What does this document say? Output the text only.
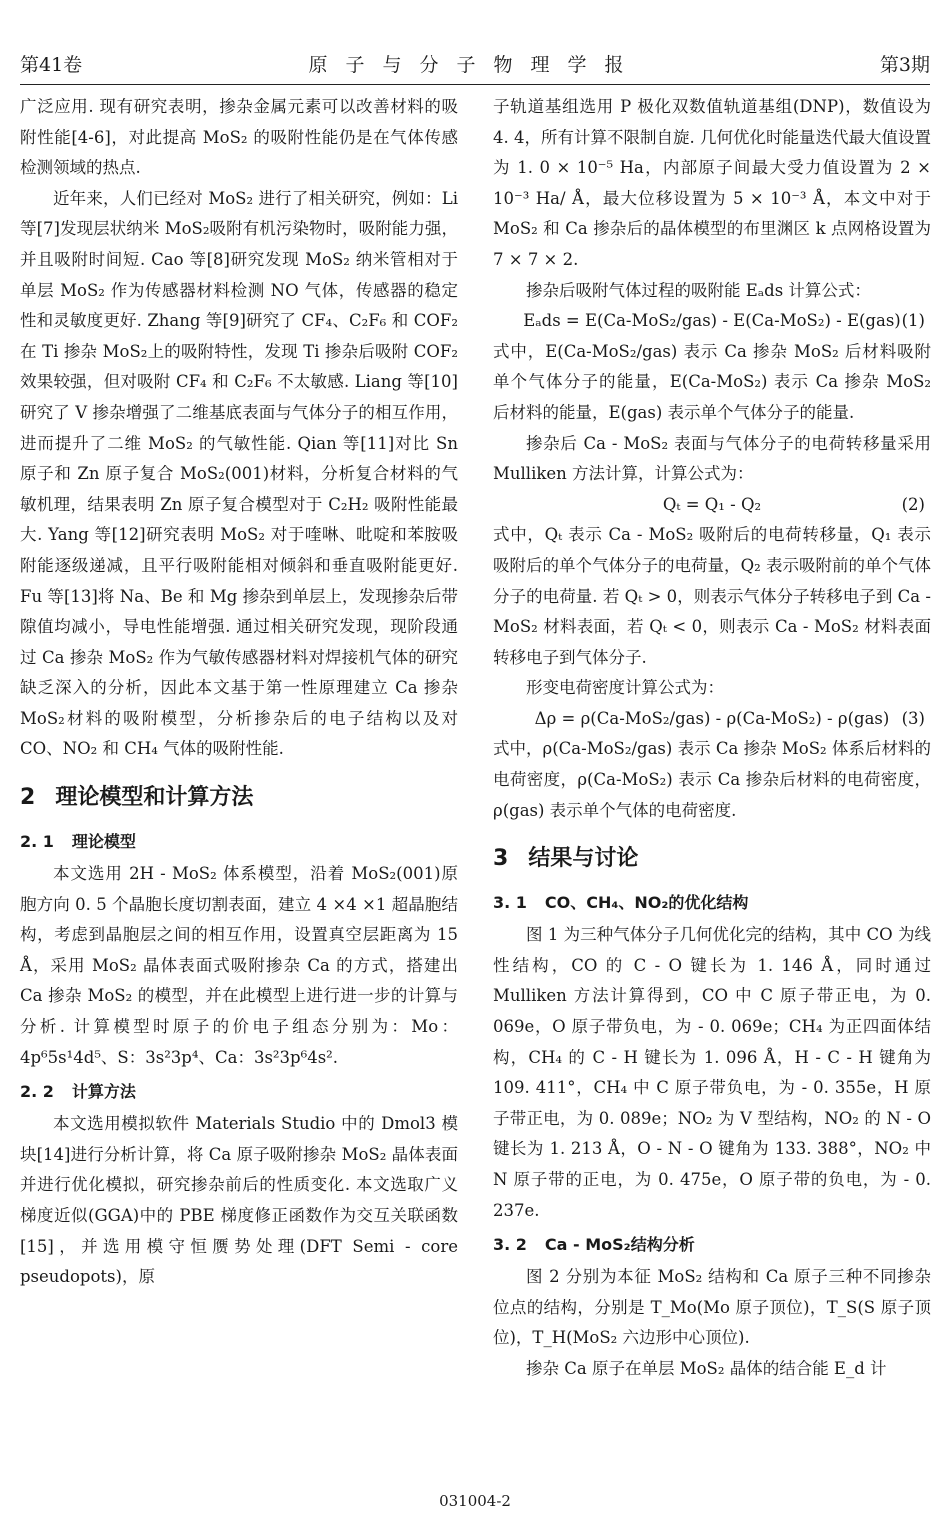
第41卷	原子与分子物理学报	第3期

广泛应用. 现有研究表明，掺杂金属元素可以改善材料的吸附性能[4-6]，对此提高 MoS₂ 的吸附性能仍是在气体传感检测领域的热点.

近年来，人们已经对 MoS₂ 进行了相关研究，例如：Li 等[7]发现层状纳米 MoS₂吸附有机污染物时，吸附能力强，并且吸附时间短. Cao 等[8]研究发现 MoS₂ 纳米管相对于单层 MoS₂ 作为传感器材料检测 NO 气体，传感器的稳定性和灵敏度更好. Zhang 等[9]研究了 CF₄、C₂F₆ 和 COF₂ 在 Ti 掺杂 MoS₂上的吸附特性，发现 Ti 掺杂后吸附 COF₂ 效果较强，但对吸附 CF₄ 和 C₂F₆ 不太敏感. Liang 等[10]研究了 V 掺杂增强了二维基底表面与气体分子的相互作用，进而提升了二维 MoS₂ 的气敏性能. Qian 等[11]对比 Sn 原子和 Zn 原子复合 MoS₂(001)材料，分析复合材料的气敏机理，结果表明 Zn 原子复合模型对于 C₂H₂ 吸附性能最大. Yang 等[12]研究表明 MoS₂ 对于喹啉、吡啶和苯胺吸附能逐级递减，且平行吸附能相对倾斜和垂直吸附能更好. Fu 等[13]将 Na、Be 和 Mg 掺杂到单层上，发现掺杂后带隙值均减小，导电性能增强. 通过相关研究发现，现阶段通过 Ca 掺杂 MoS₂ 作为气敏传感器材料对焊接机气体的研究缺乏深入的分析，因此本文基于第一性原理建立 Ca 掺杂 MoS₂材料的吸附模型，分析掺杂后的电子结构以及对 CO、NO₂ 和 CH₄ 气体的吸附性能.

2 理论模型和计算方法
2. 1 理论模型

本文选用 2H - MoS₂ 体系模型，沿着 MoS₂(001)原胞方向 0. 5 个晶胞长度切割表面，建立 4 ×4 ×1 超晶胞结构，考虑到晶胞层之间的相互作用，设置真空层距离为 15 Å，采用 MoS₂ 晶体表面式吸附掺杂 Ca 的方式，搭建出 Ca 掺杂 MoS₂ 的模型，并在此模型上进行进一步的计算与分析. 计算模型时原子的价电子组态分别为：Mo：4p⁶5s¹4d⁵、S：3s²3p⁴、Ca：3s²3p⁶4s².

2. 2 计算方法

本文选用模拟软件 Materials Studio 中的 Dmol3 模块[14]进行分析计算，将 Ca 原子吸附掺杂 MoS₂ 晶体表面并进行优化模拟，研究掺杂前后的性质变化. 本文选取广义梯度近似(GGA)中的 PBE 梯度修正函数作为交互关联函数[15]，并选用模守恒赝势处理(DFT Semi - core pseudopots)，原

子轨道基组选用 P 极化双数值轨道基组(DNP)，数值设为 4. 4，所有计算不限制自旋. 几何优化时能量迭代最大值设置为 1. 0 × 10⁻⁵ Ha，内部原子间最大受力值设置为 2 × 10⁻³ Ha/ Å，最大位移设置为 5 × 10⁻³ Å，本文中对于 MoS₂ 和 Ca 掺杂后的晶体模型的布里渊区 k 点网格设置为 7 × 7 × 2.

掺杂后吸附气体过程的吸附能 Eₐds 计算公式：

Eₐds = E(Ca-MoS₂/gas) - E(Ca-MoS₂) - E(gas) (1)

式中，E(Ca-MoS₂/gas) 表示 Ca 掺杂 MoS₂ 后材料吸附单个气体分子的能量，E(Ca-MoS₂) 表示 Ca 掺杂 MoS₂ 后材料的能量，E(gas) 表示单个气体分子的能量.

掺杂后 Ca - MoS₂ 表面与气体分子的电荷转移量采用 Mulliken 方法计算，计算公式为：

Qₜ = Q₁ - Q₂	(2)

式中，Qₜ 表示 Ca - MoS₂ 吸附后的电荷转移量，Q₁ 表示吸附后的单个气体分子的电荷量，Q₂ 表示吸附前的单个气体分子的电荷量. 若 Qₜ > 0，则表示气体分子转移电子到 Ca - MoS₂ 材料表面，若 Qₜ < 0，则表示 Ca - MoS₂ 材料表面转移电子到气体分子.

形变电荷密度计算公式为：

Δρ = ρ(Ca-MoS₂/gas) - ρ(Ca-MoS₂) - ρ(gas) (3)

式中，ρ(Ca-MoS₂/gas) 表示 Ca 掺杂 MoS₂ 体系后材料的电荷密度，ρ(Ca-MoS₂) 表示 Ca 掺杂后材料的电荷密度，ρ(gas) 表示单个气体的电荷密度.

3 结果与讨论
3. 1 CO、CH₄、NO₂的优化结构

图 1 为三种气体分子几何优化完的结构，其中 CO 为线性结构，CO 的 C - O 键长为 1. 146 Å，同时通过 Mulliken 方法计算得到，CO 中 C 原子带正电，为 0. 069e，O 原子带负电，为 - 0. 069e；CH₄ 为正四面体结构，CH₄ 的 C - H 键长为 1. 096 Å，H - C - H 键角为 109. 411°，CH₄ 中 C 原子带负电，为 - 0. 355e，H 原子带正电，为 0. 089e；NO₂ 为 V 型结构，NO₂ 的 N - O 键长为 1. 213 Å，O - N - O 键角为 133. 388°，NO₂ 中 N 原子带的正电，为 0. 475e，O 原子带的负电，为 - 0. 237e.

3. 2 Ca - MoS₂结构分析

图 2 分别为本征 MoS₂ 结构和 Ca 原子三种不同掺杂位点的结构，分别是 T_Mo(Mo 原子顶位)，T_S(S 原子顶位)，T_H(MoS₂ 六边形中心顶位).

掺杂 Ca 原子在单层 MoS₂ 晶体的结合能 E_d 计

031004-2
